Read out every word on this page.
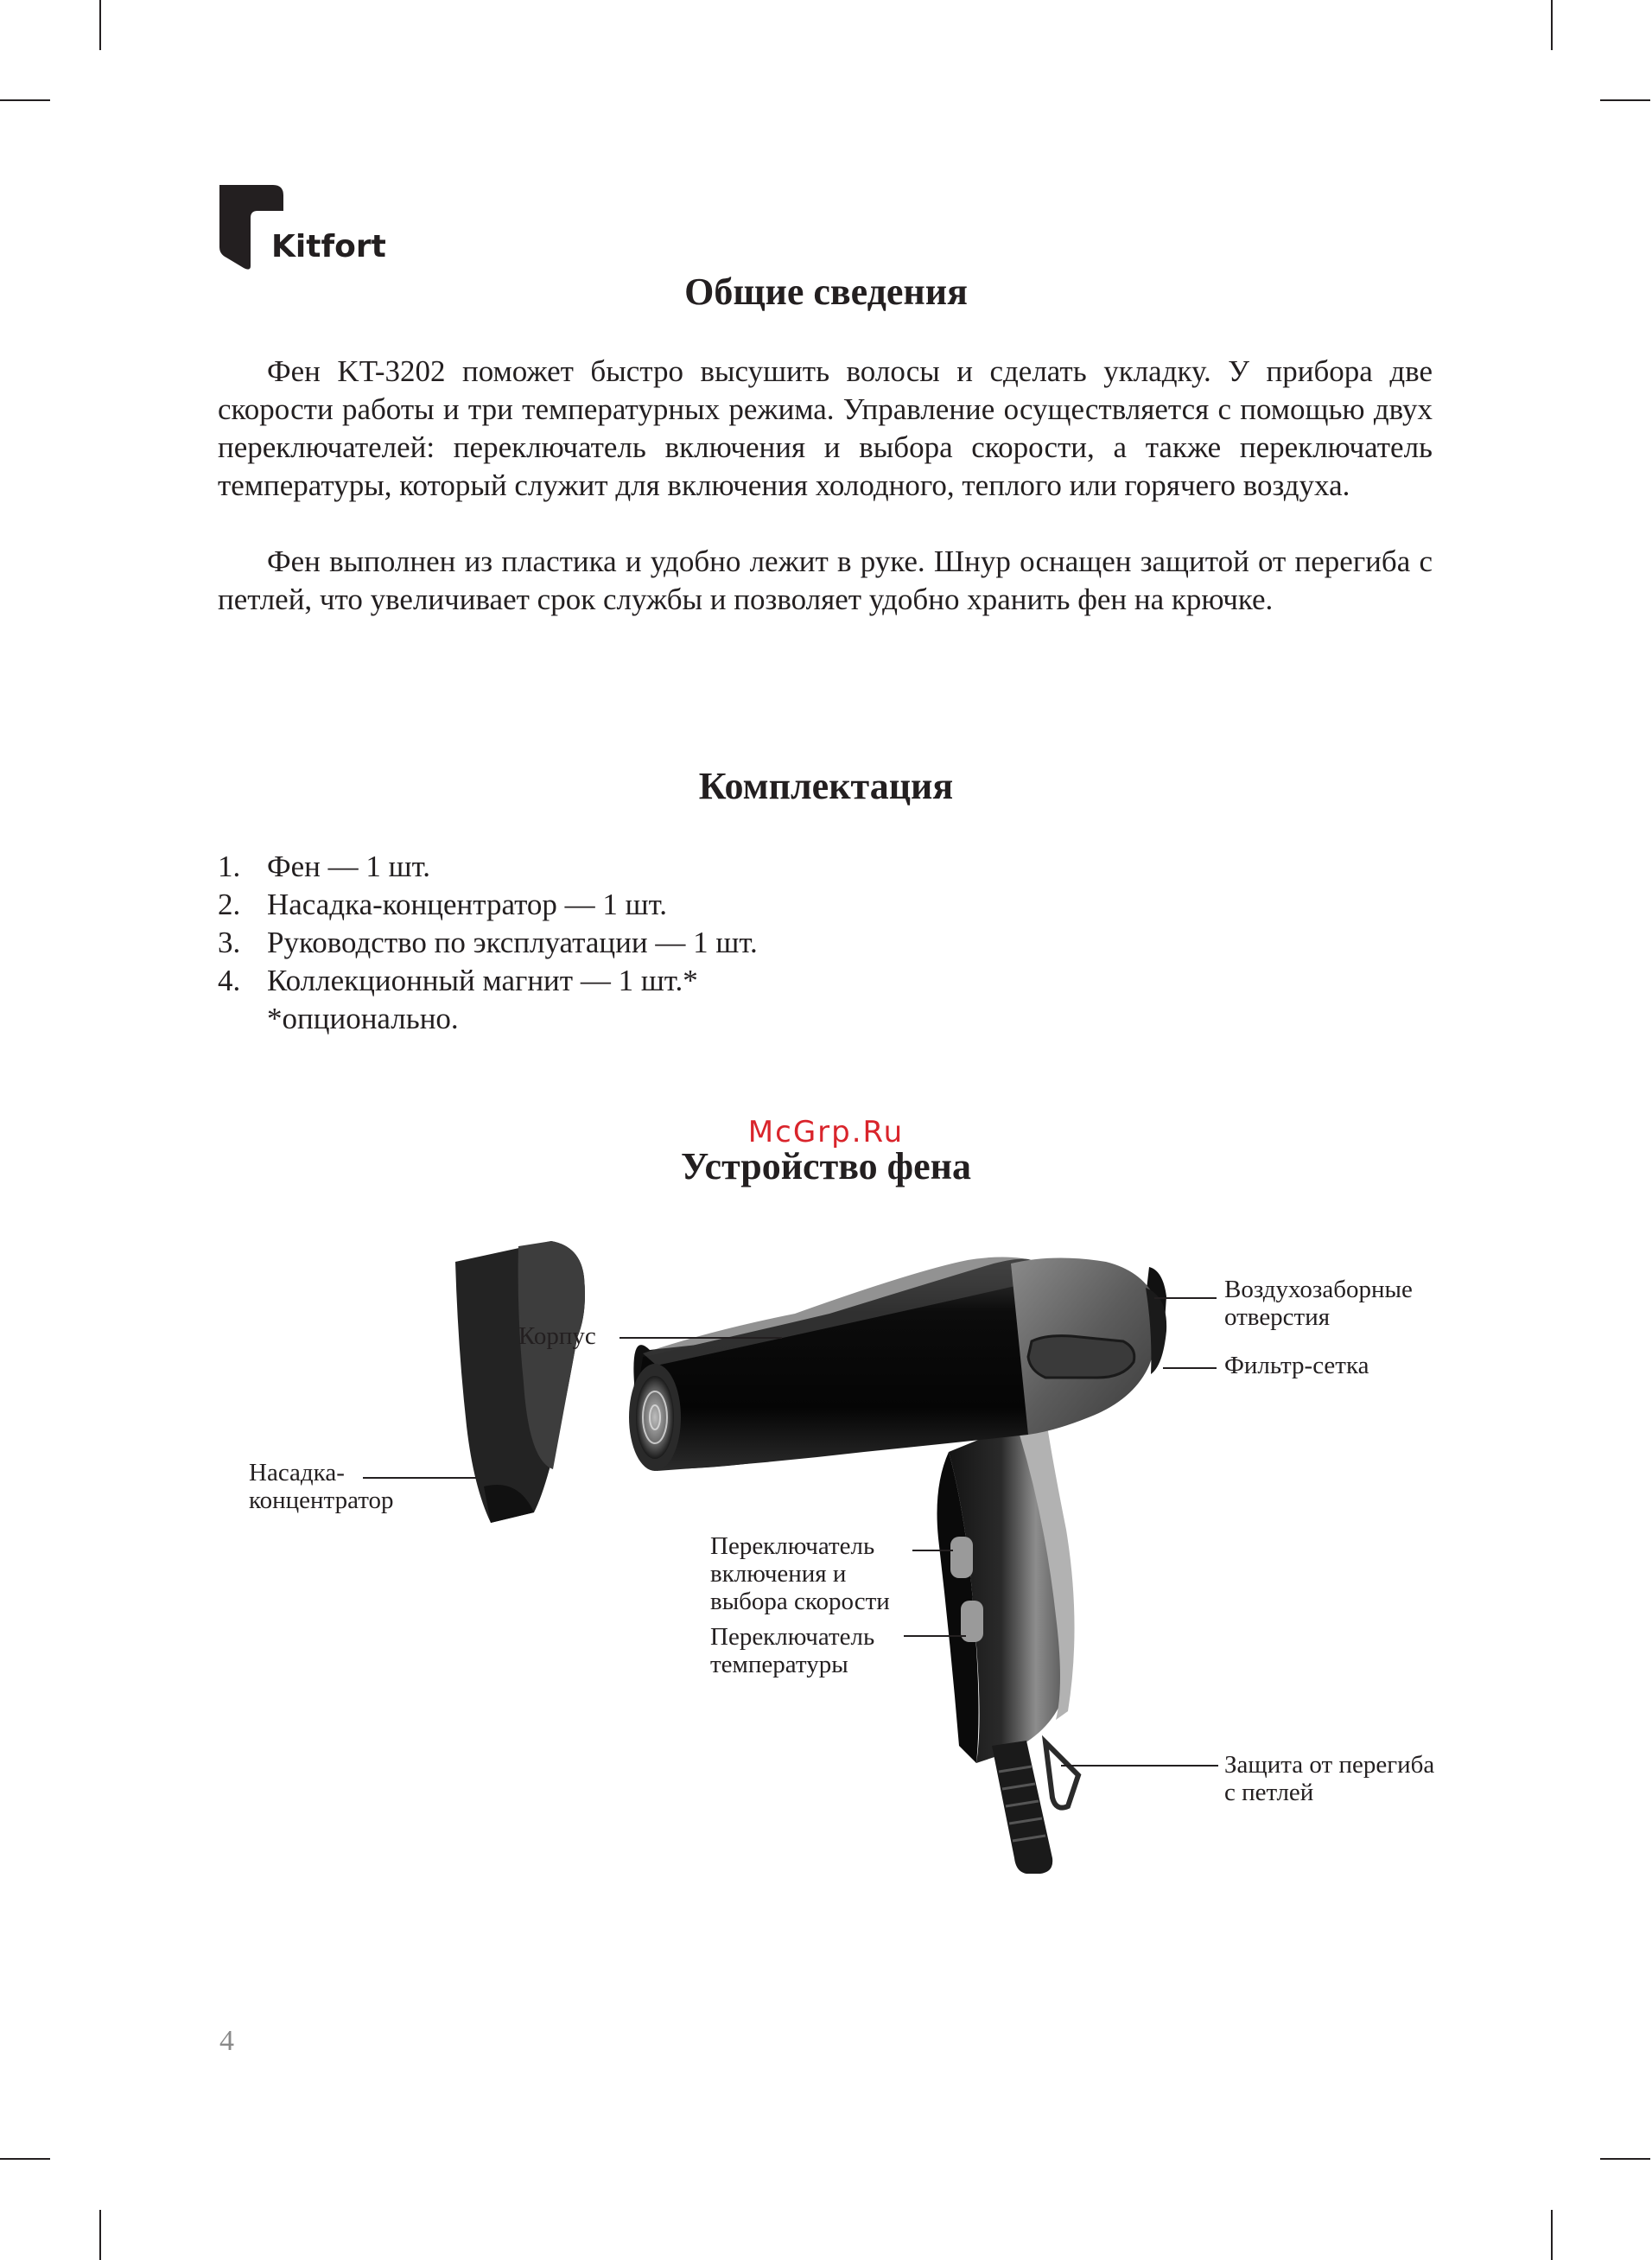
Kitfort
Общие сведения

Фен KT-3202 поможет быстро высушить волосы и сделать укладку. У прибора две скорости работы и три температурных режима. Управление осуществляется с помощью двух переключателей: переключатель включения и выбора скорости, а также переключатель температуры, который служит для включения холодного, теплого или горячего воздуха.

Фен выполнен из пластика и удобно лежит в руке. Шнур оснащен защитой от перегиба с петлей, что увеличивает срок службы и позволяет удобно хранить фен на крючке.

Комплектация
1. Фен — 1 шт.
2. Насадка-концентратор — 1 шт.
3. Руководство по эксплуатации — 1 шт.
4. Коллекционный магнит — 1 шт.*
*опционально.
McGrp.Ru
Устройство фена
Корпус
Насадка-
концентратор
Воздухозаборные
отверстия
Фильтр-сетка
Переключатель
включения и
выбора скорости
Переключатель
температуры
Защита от перегиба
с петлей
4
